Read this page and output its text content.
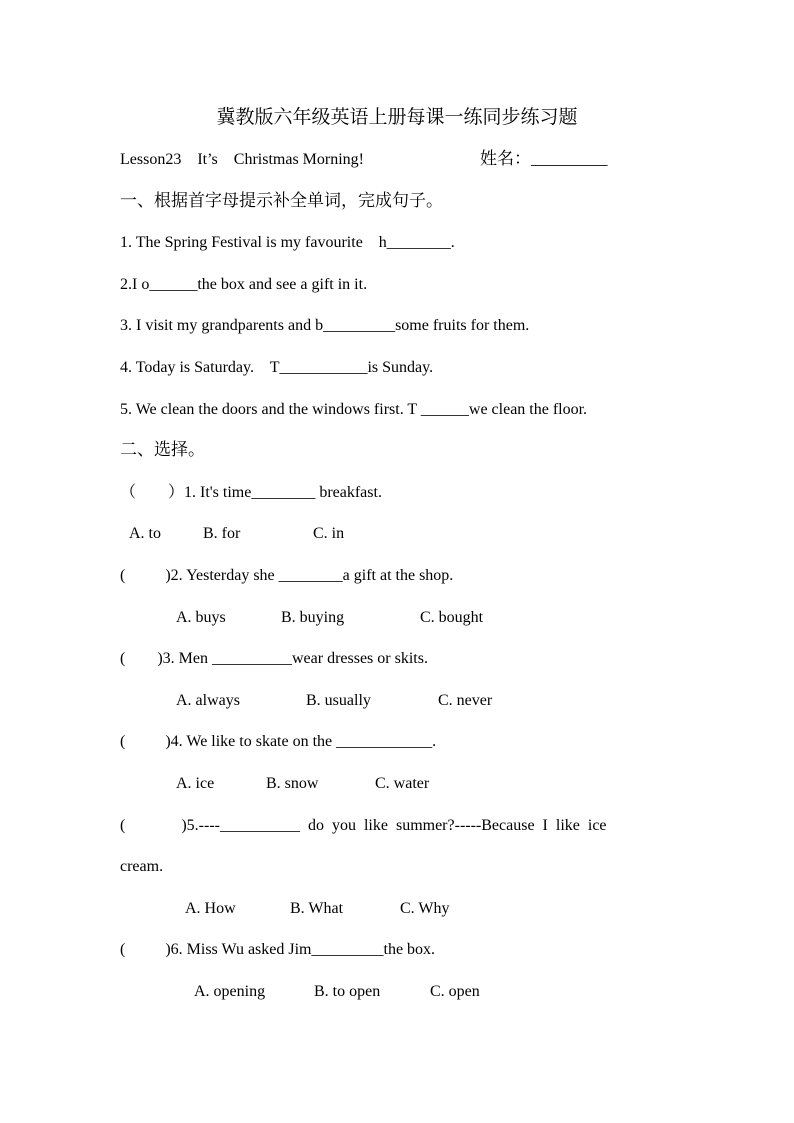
冀教版六年级英语上册每课一练同步练习题
Lesson23    It’s    Christmas Morning!	姓名：_________
一、根据首字母提示补全单词，完成句子。
1. The Spring Festival is my favourite    h________.
2.I o______the box and see a gift in it.
3. I visit my grandparents and b_________some fruits for them.
4. Today is Saturday.    T___________is Sunday.
5. We clean the doors and the windows first. T ______we clean the floor.
二、选择。
（        ）1. It's time________ breakfast.
A. to	B. for	C. in
(          )2. Yesterday she ________a gift at the shop.
A. buys	B. buying	C. bought
(        )3. Men __________wear dresses or skits.
A. always	B. usually	C. never
(          )4. We like to skate on the ____________.
A. ice	B. snow	C. water
(              )5.----__________  do  you  like  summer?-----Because  I  like  ice
cream.
A. How	B. What	C. Why
(          )6. Miss Wu asked Jim_________the box.
A. opening	B. to open	C. open
